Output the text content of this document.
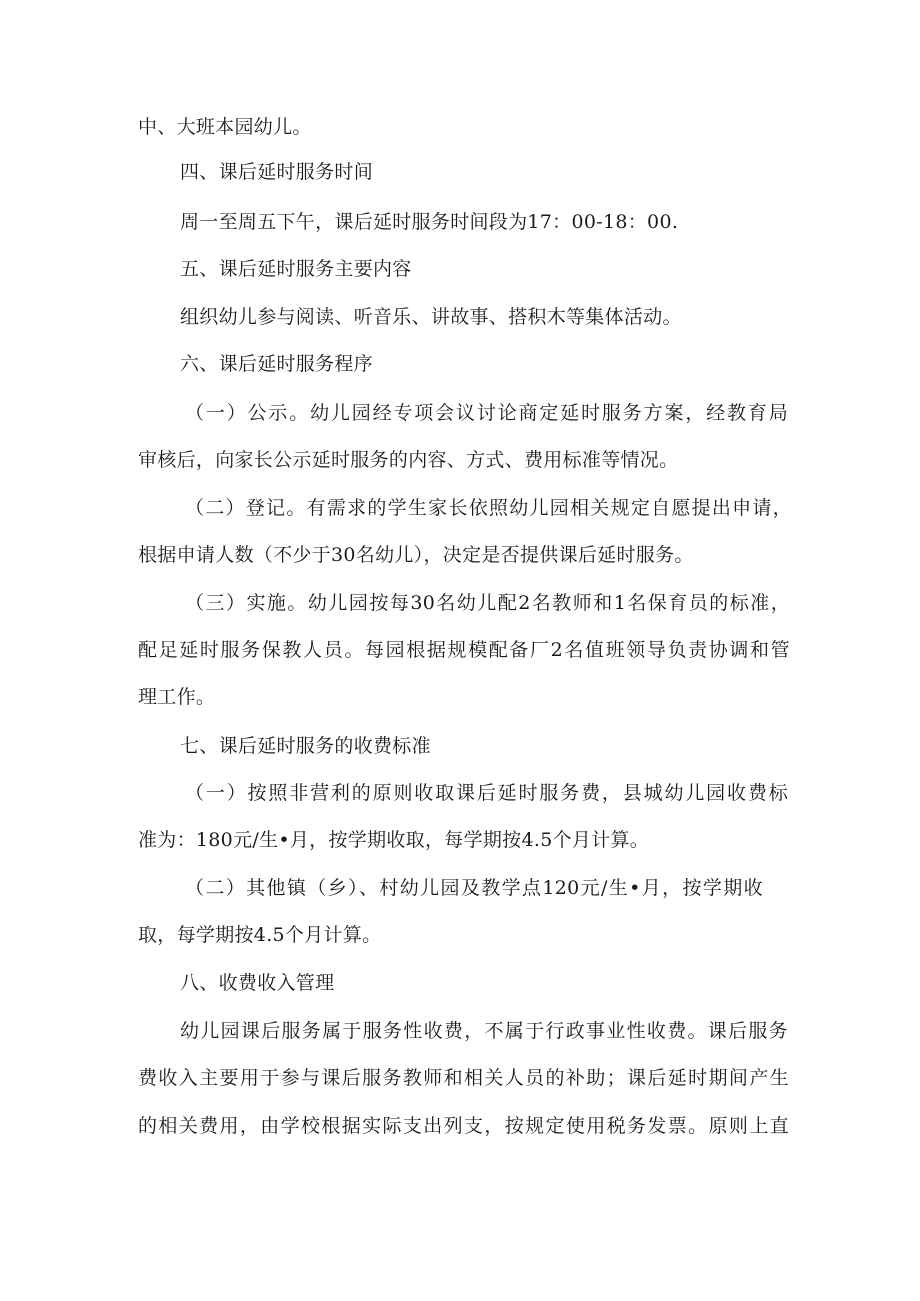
中、大班本园幼儿。
四、课后延时服务时间
周一至周五下午，课后延时服务时间段为17：00-18：00.
五、课后延时服务主要内容
组织幼儿参与阅读、听音乐、讲故事、搭积木等集体活动。
六、课后延时服务程序
（一）公示。幼儿园经专项会议讨论商定延时服务方案，经教育局
审核后，向家长公示延时服务的内容、方式、费用标准等情况。
（二）登记。有需求的学生家长依照幼儿园相关规定自愿提出申请，
根据申请人数（不少于30名幼儿），决定是否提供课后延时服务。
（三）实施。幼儿园按每30名幼儿配2名教师和1名保育员的标准，
配足延时服务保教人员。每园根据规模配备厂2名值班领导负责协调和管
理工作。
七、课后延时服务的收费标准
（一）按照非营利的原则收取课后延时服务费，县城幼儿园收费标
准为：180元/生•月，按学期收取，每学期按4.5个月计算。
（二）其他镇（乡）、村幼儿园及教学点120元/生•月，按学期收
取，每学期按4.5个月计算。
八、收费收入管理
幼儿园课后服务属于服务性收费，不属于行政事业性收费。课后服务
费收入主要用于参与课后服务教师和相关人员的补助；课后延时期间产生
的相关费用，由学校根据实际支出列支，按规定使用税务发票。原则上直
